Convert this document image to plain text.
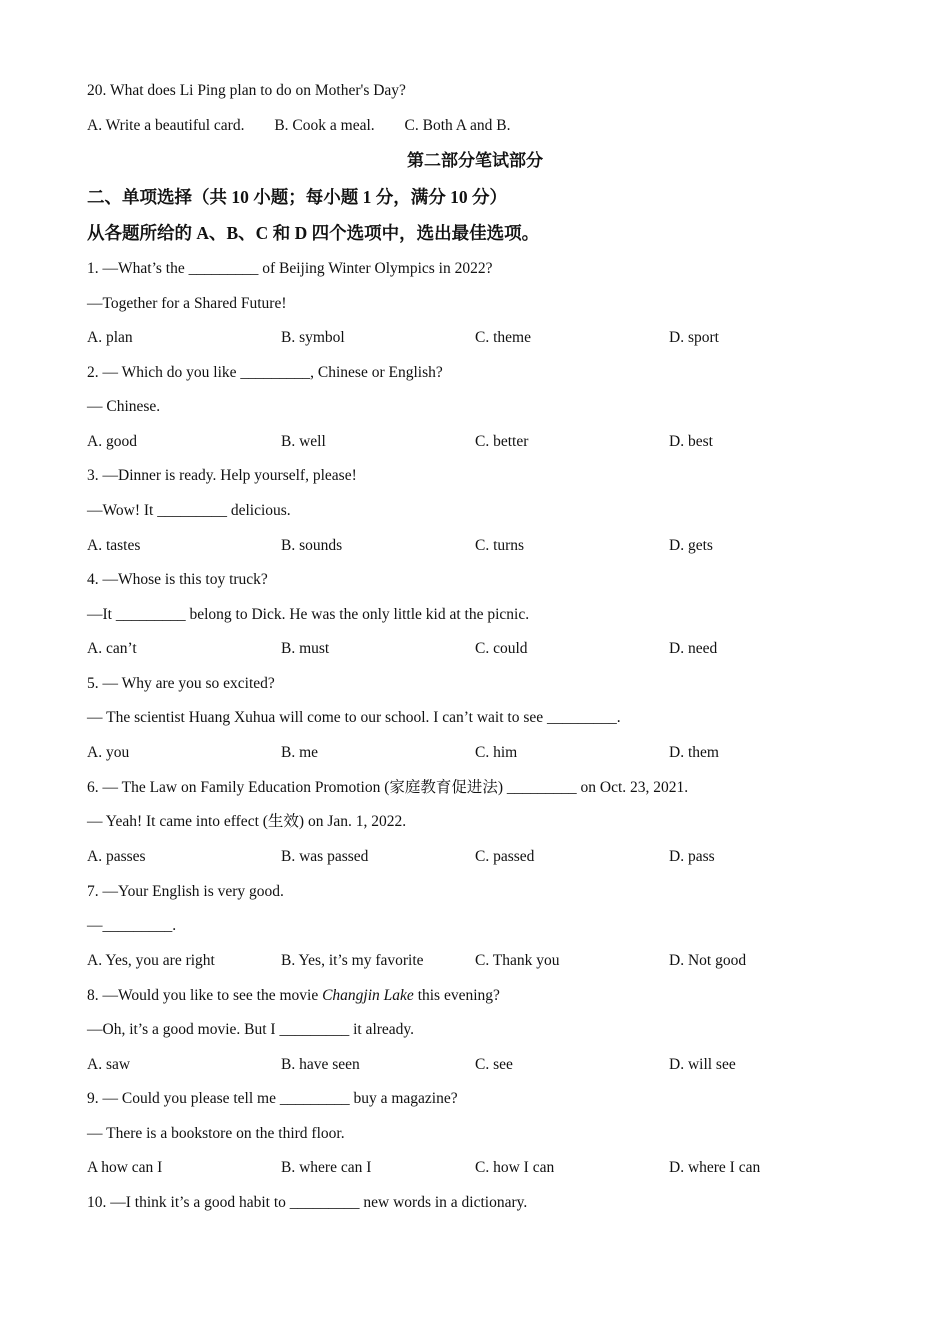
20. What does Li Ping plan to do on Mother's Day?
A. Write a beautiful card. B. Cook a meal. C. Both A and B.
第二部分笔试部分
二、单项选择（共 10 小题；每小题 1 分，满分 10 分）
从各题所给的 A、B、C 和 D 四个选项中，选出最佳选项。
1. —What’s the _________ of Beijing Winter Olympics in 2022?
—Together for a Shared Future!
A. plan	B. symbol	C. theme	D. sport
2. — Which do you like _________, Chinese or English?
— Chinese.
A. good	B. well	C. better	D. best
3. —Dinner is ready. Help yourself, please!
—Wow! It _________ delicious.
A. tastes	B. sounds	C. turns	D. gets
4. —Whose is this toy truck?
—It _________ belong to Dick. He was the only little kid at the picnic.
A. can’t	B. must	C. could	D. need
5. — Why are you so excited?
— The scientist Huang Xuhua will come to our school. I can’t wait to see _________.
A. you	B. me	C. him	D. them
6. — The Law on Family Education Promotion (家庭教育促进法) _________ on Oct. 23, 2021.
— Yeah! It came into effect (生效) on Jan. 1, 2022.
A. passes	B. was passed	C. passed	D. pass
7. —Your English is very good.
—_________.
A. Yes, you are right	B. Yes, it’s my favorite	C. Thank you	D. Not good
8. —Would you like to see the movie Changjin Lake this evening?
—Oh, it’s a good movie. But I _________ it already.
A. saw	B. have seen	C. see	D. will see
9. — Could you please tell me _________ buy a magazine?
— There is a bookstore on the third floor.
A how can I	B. where can I	C. how I can	D. where I can
10. —I think it’s a good habit to _________ new words in a dictionary.
